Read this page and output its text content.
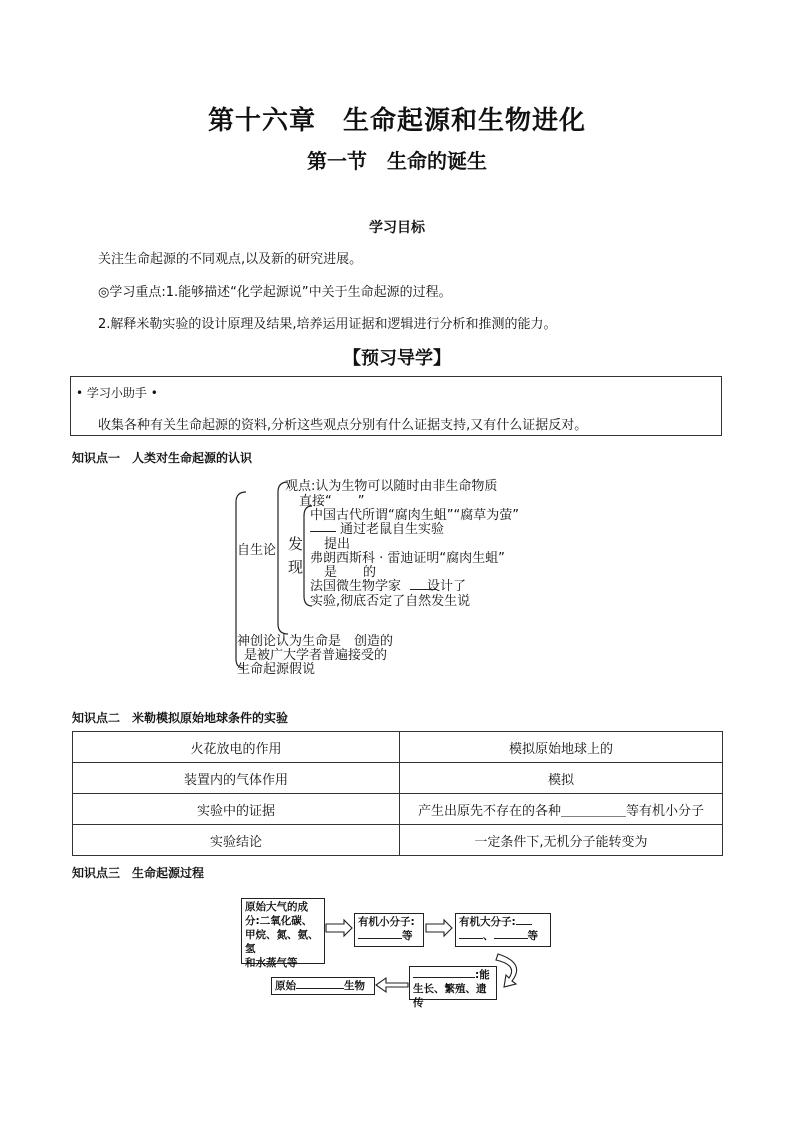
第十六章　生命起源和生物进化
第一节　生命的诞生
学习目标
关注生命起源的不同观点,以及新的研究进展。
◎学习重点:1.能够描述“化学起源说”中关于生命起源的过程。
2.解释米勒实验的设计原理及结果,培养运用证据和逻辑进行分析和推测的能力。
【预习导学】
• 学习小助手 •
收集各种有关生命起源的资料,分析这些观点分别有什么证据支持,又有什么证据反对。
知识点一　人类对生命起源的认识
自生论
观点:认为生物可以随时由非生命物质
直接“　　”
发
现
中国古代所谓“腐肉生蛆”“腐草为萤”
通过老鼠自生实验
提出
弗朗西斯科 · 雷迪证明“腐肉生蛆”
是　　的
法国微生物学家　　设计了
实验,彻底否定了自然发生说
神创论认为生命是　创造的
是被广大学者普遍接受的
生命起源假说
知识点二　米勒模拟原始地球条件的实验
火花放电的作用	模拟原始地球上的
装置内的气体作用	模拟
实验中的证据	产生出原先不存在的各种＿＿＿＿＿等有机小分子
实验结论	一定条件下,无机分子能转变为
知识点三　生命起源过程
原始大气的成
分:二氧化碳、
甲烷、氮、氨、氢
和水蒸气等
有机小分子:
等
有机大分子:
、	等
:能
生长、繁殖、遗传
原始	生物
